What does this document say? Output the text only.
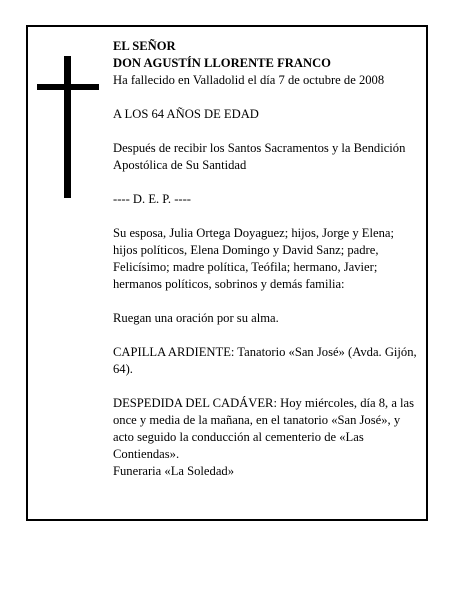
EL SEÑOR

DON AGUSTÍN LLORENTE FRANCO

Ha fallecido en Valladolid el día 7 de octubre de 2008

A LOS 64 AÑOS DE EDAD

Después de recibir los Santos Sacramentos y la Bendición Apostólica de Su Santidad

---- D. E. P. ----

Su esposa, Julia Ortega Doyaguez; hijos, Jorge y Elena; hijos políticos, Elena Domingo y David Sanz; padre, Felicísimo; madre política, Teófila; hermano, Javier; hermanos políticos, sobrinos y demás familia:

Ruegan una oración por su alma.

CAPILLA ARDIENTE: Tanatorio «San José» (Avda. Gijón, 64).

DESPEDIDA DEL CADÁVER: Hoy miércoles, día 8, a las once y media de la mañana, en el tanatorio «San José», y acto seguido la conducción al cementerio de «Las Contiendas».

Funeraria «La Soledad»
